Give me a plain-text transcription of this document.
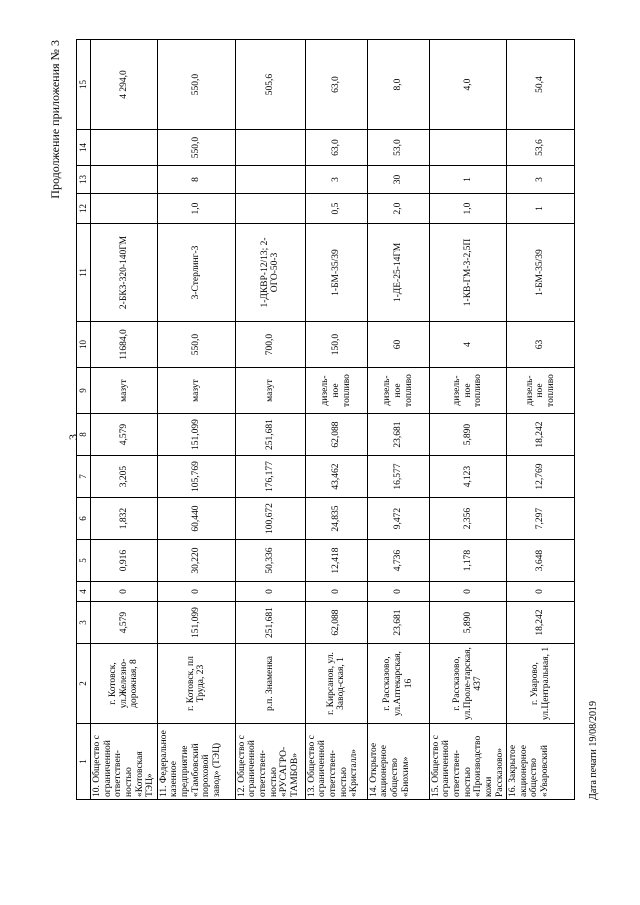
3
Продолжение приложения № 3
1	2	3	4	5	6	7	8	9	10	11	12	13	14	15
10. Общество с ограниченной ответствен-ностью «Котовская ТЭЦ»	г. Котовск, ул.Железно-дорожная, 8	4,579	0	0,916	1,832	3,205	4,579	мазут	11684,0	2-БКЗ-320-140ГМ				4 294,0
11. Федеральное казенное предприятие «Тамбовский пороховой завод» (ТЭЦ)	г. Котовск, пл Труда, 23	151,099	0	30,220	60,440	105,769	151,099	мазут	550,0	3-Стерлинг-3	1,0	8	550,0	550,0
12. Общество с ограниченной ответствен-ностью «РУСАГРО-ТАМБОВ»	р.п. Знаменка	251,681	0	50,336	100,672	176,177	251,681	мазут	700,0	1-ДКВР-12/13; 2-ОГО-50-3				505,6
13. Общество с ограниченной ответствен-ностью «Кристалл»	г. Кирсанов, ул. Завод-ская, 1	62,088	0	12,418	24,835	43,462	62,088	дизель-ное топливо	150,0	1-БМ-35/39	0,5	3	63,0	63,0
14. Открытое акционерное общество «Биохим»	г. Рассказово, ул.Аптекарская, 16	23,681	0	4,736	9,472	16,577	23,681	дизель-ное топливо	60	1-ДЕ-25-14ГМ	2,0	30	53,0	8,0
15. Общество с ограниченной ответствен-ностью «Производство кожи Рассказово»	г. Рассказово, ул.Проле-тарская, 437	5,890	0	1,178	2,356	4,123	5,890	дизель-ное топливо	4	1-КВ-ГМ-3-2,5П	1,0	1		4,0
16. Закрытое акционерное общество «Уваровский	г. Уварово, ул.Центральная, 1	18,242	0	3,648	7,297	12,769	18,242	дизель-ное топливо	63	1-БМ-35/39	1	3	53,6	50,4
Дата печати 19/08/2019
